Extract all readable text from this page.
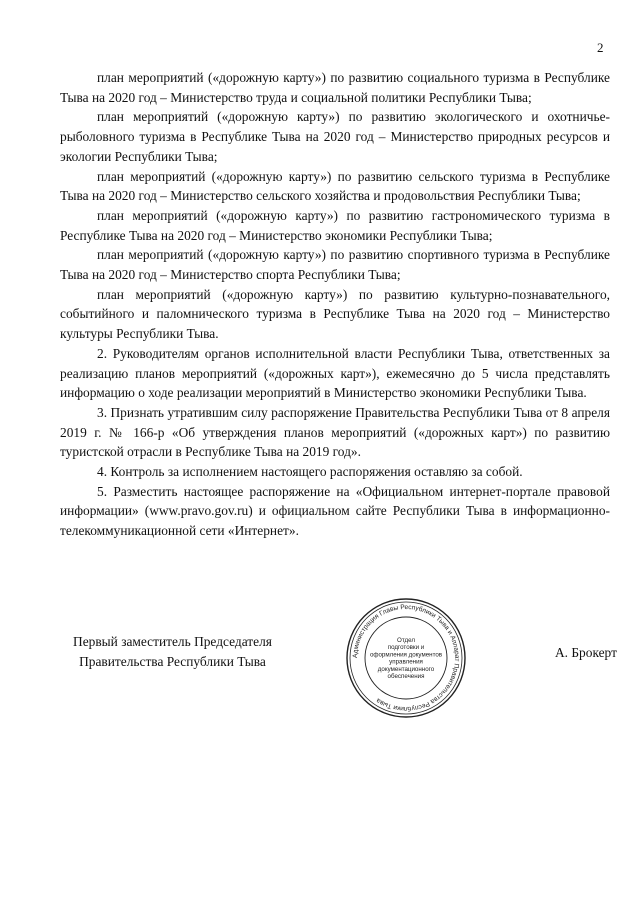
2

план мероприятий («дорожную карту») по развитию социального туризма в Республике Тыва на 2020 год – Министерство труда и социальной политики Республики Тыва;

план мероприятий («дорожную карту») по развитию экологического и охотничье-рыболовного туризма в Республике Тыва на 2020 год – Министерство природных ресурсов и экологии Республики Тыва;

план мероприятий («дорожную карту») по развитию сельского туризма в Республике Тыва на 2020 год – Министерство сельского хозяйства и продовольствия Республики Тыва;

план мероприятий («дорожную карту») по развитию гастрономического туризма в Республике Тыва на 2020 год – Министерство экономики Республики Тыва;

план мероприятий («дорожную карту») по развитию спортивного туризма в Республике Тыва на 2020 год – Министерство спорта Республики Тыва;

план мероприятий («дорожную карту») по развитию культурно-познавательного, событийного и паломнического туризма в Республике Тыва на 2020 год – Министерство культуры Республики Тыва.

2. Руководителям органов исполнительной власти Республики Тыва, ответственных за реализацию планов мероприятий («дорожных карт»), ежемесячно до 5 числа представлять информацию о ходе реализации мероприятий в Министерство экономики Республики Тыва.

3. Признать утратившим силу распоряжение Правительства Республики Тыва от 8 апреля 2019 г. № 166-р «Об утверждения планов мероприятий («дорожных карт») по развитию туристской отрасли в Республике Тыва на 2019 год».

4. Контроль за исполнением настоящего распоряжения оставляю за собой.

5. Разместить настоящее распоряжение на «Официальном интернет-портале правовой информации» (www.pravo.gov.ru) и официальном сайте Республики Тыва в информационно-телекоммуникационной сети «Интернет».

Первый заместитель Председателя
Правительства Республики Тыва	Администрация Главы Республики Тыва и Аппарат Правительства Республики Тыва
Отдел
подготовки и
оформления документов
управления
документационного
обеспечения
А. Брокерт
